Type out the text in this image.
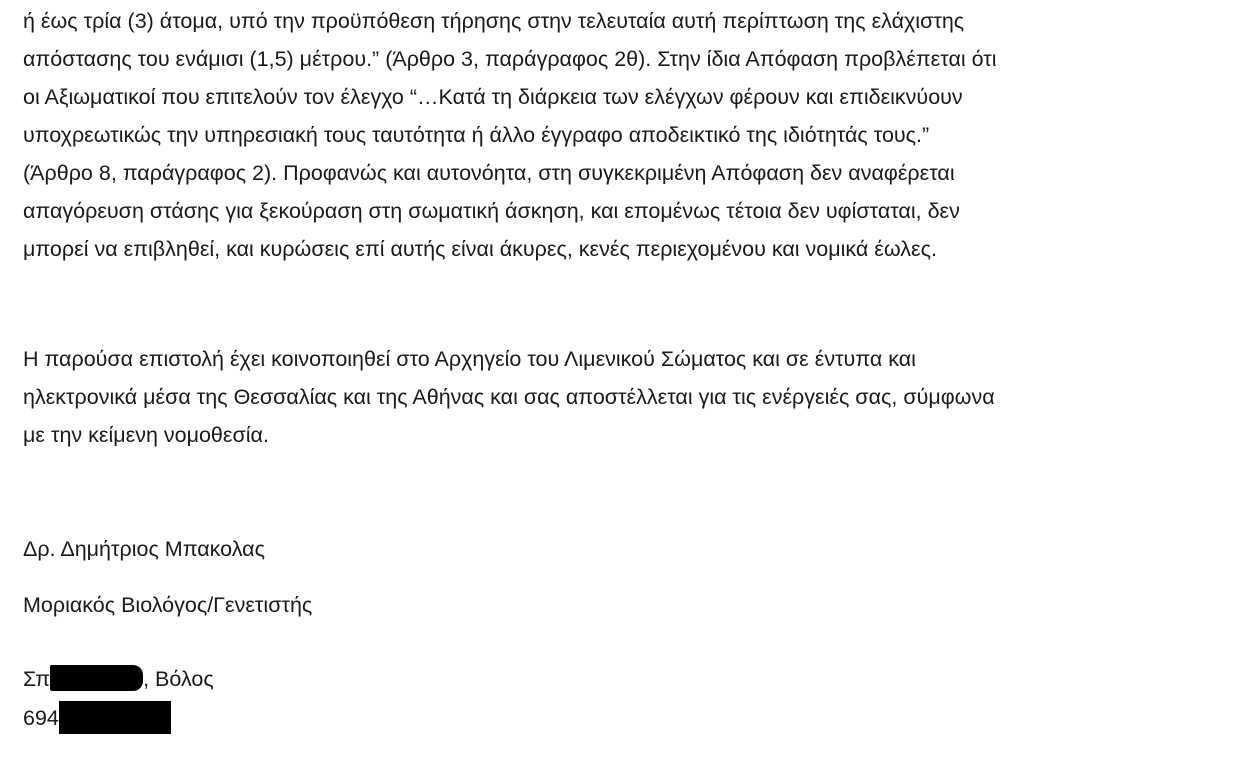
ή έως τρία (3) άτομα, υπό την προϋπόθεση τήρησης στην τελευταία αυτή περίπτωση της ελάχιστης
απόστασης του ενάμισι (1,5) μέτρου.” (Άρθρο 3, παράγραφος 2θ). Στην ίδια Απόφαση προβλέπεται ότι
οι Αξιωματικοί που επιτελούν τον έλεγχο “…Κατά τη διάρκεια των ελέγχων φέρουν και επιδεικνύουν
υποχρεωτικώς την υπηρεσιακή τους ταυτότητα ή άλλο έγγραφο αποδεικτικό της ιδιότητάς τους.”
(Άρθρο 8, παράγραφος 2). Προφανώς και αυτονόητα, στη συγκεκριμένη Απόφαση δεν αναφέρεται
απαγόρευση στάσης για ξεκούραση στη σωματική άσκηση, και επομένως τέτοια δεν υφίσταται, δεν
μπορεί να επιβληθεί, και κυρώσεις επί αυτής είναι άκυρες, κενές περιεχομένου και νομικά έωλες.
Η παρούσα επιστολή έχει κοινοποιηθεί στο Αρχηγείο του Λιμενικού Σώματος και σε έντυπα και
ηλεκτρονικά μέσα της Θεσσαλίας και της Αθήνας και σας αποστέλλεται για τις ενέργειές σας, σύμφωνα
με την κείμενη νομοθεσία.
Δρ. Δημήτριος Μπακολας
Μοριακός Βιολόγος/Γενετιστής
Σπ	, Βόλος
694
